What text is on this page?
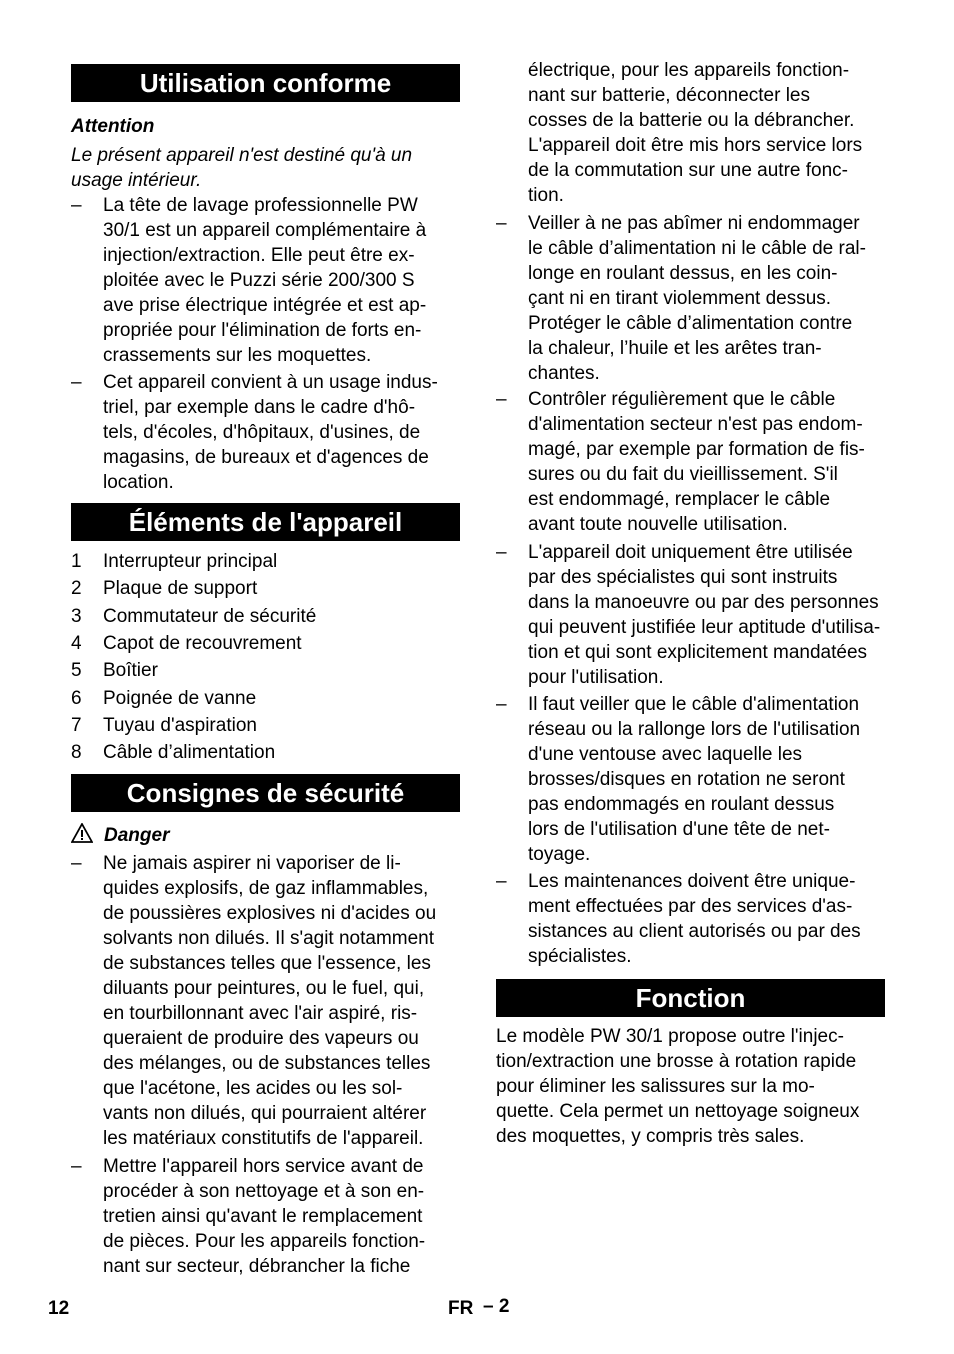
Utilisation conforme
Attention
Le présent appareil n'est destiné qu'à un
usage intérieur.
– La tête de lavage professionnelle PW
30/1 est un appareil complémentaire à
injection/extraction. Elle peut être ex-
ploitée avec le Puzzi série 200/300 S
ave prise électrique intégrée et est ap-
propriée pour l'élimination de forts en-
crassements sur les moquettes.
– Cet appareil convient à un usage indus-
triel, par exemple dans le cadre d'hô-
tels, d'écoles, d'hôpitaux, d'usines, de
magasins, de bureaux et d'agences de
location.
Éléments de l'appareil
1 Interrupteur principal
2 Plaque de support
3 Commutateur de sécurité
4 Capot de recouvrement
5 Boîtier
6 Poignée de vanne
7 Tuyau d'aspiration
8 Câble d’alimentation
Consignes de sécurité
Danger
– Ne jamais aspirer ni vaporiser de li-
quides explosifs, de gaz inflammables,
de poussières explosives ni d'acides ou
solvants non dilués. Il s'agit notamment
de substances telles que l'essence, les
diluants pour peintures, ou le fuel, qui,
en tourbillonnant avec l'air aspiré, ris-
queraient de produire des vapeurs ou
des mélanges, ou de substances telles
que l'acétone, les acides ou les sol-
vants non dilués, qui pourraient altérer
les matériaux constitutifs de l'appareil.
– Mettre l'appareil hors service avant de
procéder à son nettoyage et à son en-
tretien ainsi qu'avant le remplacement
de pièces. Pour les appareils fonction-
nant sur secteur, débrancher la fiche
électrique, pour les appareils fonction-
nant sur batterie, déconnecter les
cosses de la batterie ou la débrancher.
L'appareil doit être mis hors service lors
de la commutation sur une autre fonc-
tion.
– Veiller à ne pas abîmer ni endommager
le câble d’alimentation ni le câble de ral-
longe en roulant dessus, en les coin-
çant ni en tirant violemment dessus.
Protéger le câble d’alimentation contre
la chaleur, l’huile et les arêtes tran-
chantes.
– Contrôler régulièrement que le câble
d'alimentation secteur n'est pas endom-
magé, par exemple par formation de fis-
sures ou du fait du vieillissement. S'il
est endommagé, remplacer le câble
avant toute nouvelle utilisation.
– L'appareil doit uniquement être utilisée
par des spécialistes qui sont instruits
dans la manoeuvre ou par des personnes
qui peuvent justifiée leur aptitude d'utilisa-
tion et qui sont explicitement mandatées
pour l'utilisation.
– Il faut veiller que le câble d'alimentation
réseau ou la rallonge lors de l'utilisation
d'une ventouse avec laquelle les
brosses/disques en rotation ne seront
pas endommagés en roulant dessus
lors de l'utilisation d'une tête de net-
toyage.
– Les maintenances doivent être unique-
ment effectuées par des services d'as-
sistances au client autorisés ou par des
spécialistes.
Fonction
Le modèle PW 30/1 propose outre l'injec-
tion/extraction une brosse à rotation rapide
pour éliminer les salissures sur la mo-
quette. Cela permet un nettoyage soigneux
des moquettes, y compris très sales.
12	FR – 2
